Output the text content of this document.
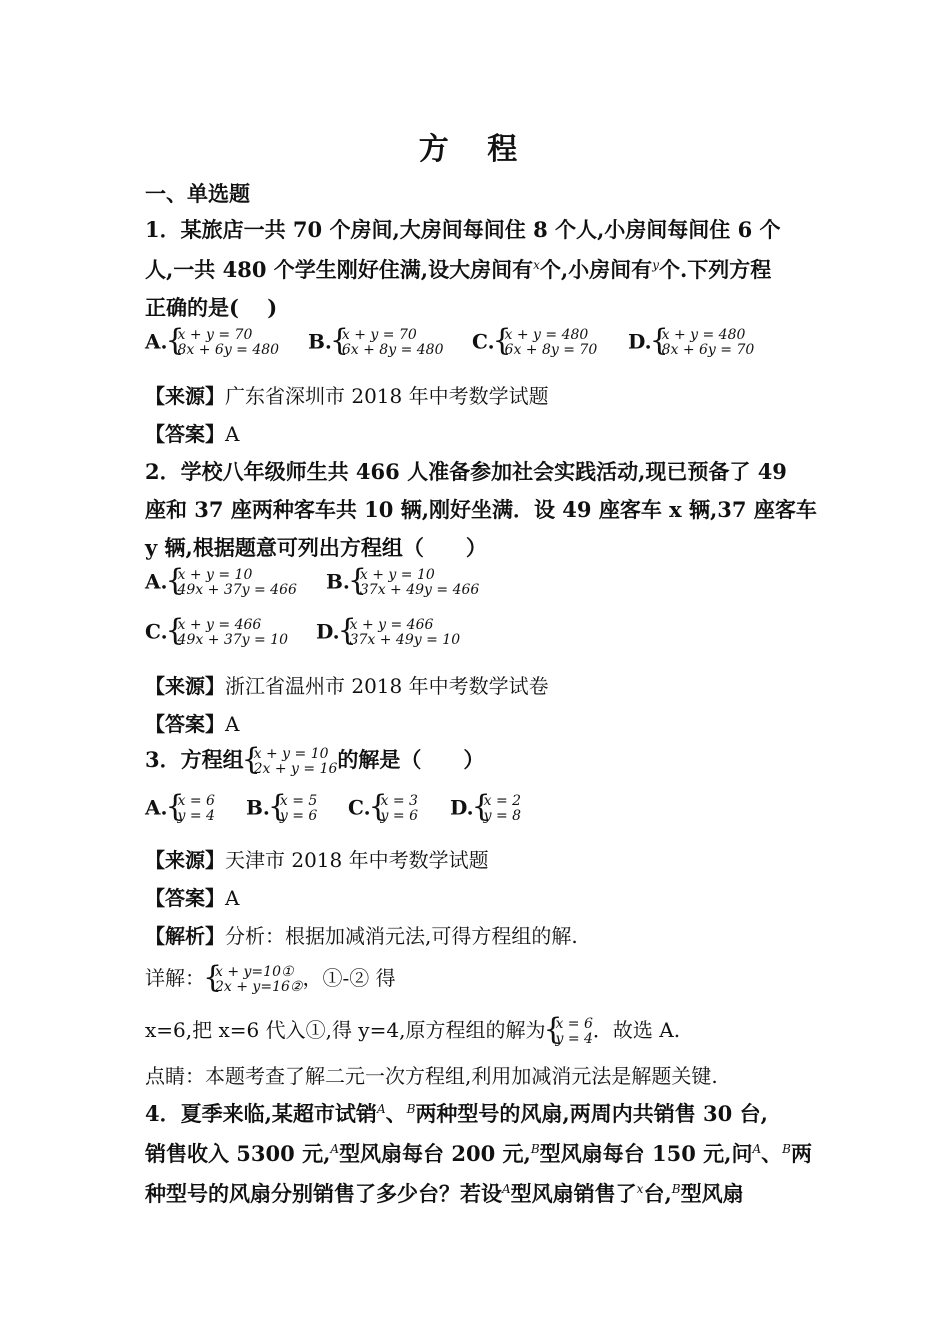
方 程
一、单选题
1．某旅店一共 70 个房间,大房间每间住 8 个人,小房间每间住 6 个
人,一共 480 个学生刚好住满,设大房间有$^x$个,小房间有$^y$个.下列方程
正确的是(　 )
A. { x + y = 70
8x + 6y = 480 B. { x + y = 70
6x + 8y = 480 C. { x + y = 480
6x + 8y = 70 D. { x + y = 480
8x + 6y = 70
【来源】广东省深圳市 2018 年中考数学试题
【答案】A
2．学校八年级师生共 466 人准备参加社会实践活动,现已预备了 49
座和 37 座两种客车共 10 辆,刚好坐满．设 49 座客车 x 辆,37 座客车
y 辆,根据题意可列出方程组（　　）
A. { x + y = 10
49x + 37y = 466 B. { x + y = 10
37x + 49y = 466
C. { x + y = 466
49x + 37y = 10 D. { x + y = 466
37x + 49y = 10
【来源】浙江省温州市 2018 年中考数学试卷
【答案】A
3．方程组 { x + y = 10
2x + y = 16 的解是（　　）
A. { x = 6
y = 4 B. { x = 5
y = 6 C. { x = 3
y = 6 D. { x = 2
y = 8
【来源】天津市 2018 年中考数学试题
【答案】A
【解析】分析：根据加减消元法,可得方程组的解.
详解： { x + y=10①
2x + y=16② ，①-② 得
x=6,把 x=6 代入①,得 y=4,原方程组的解为 { x = 6
y = 4 ．故选 A.
点睛：本题考查了解二元一次方程组,利用加减消元法是解题关键.
4．夏季来临,某超市试销$^A$、$^B$两种型号的风扇,两周内共销售 30 台,
销售收入 5300 元,$^A$型风扇每台 200 元,$^B$型风扇每台 150 元,问$^A$、$^B$两
种型号的风扇分别销售了多少台？若设$^A$型风扇销售了$^x$台,$^B$型风扇
